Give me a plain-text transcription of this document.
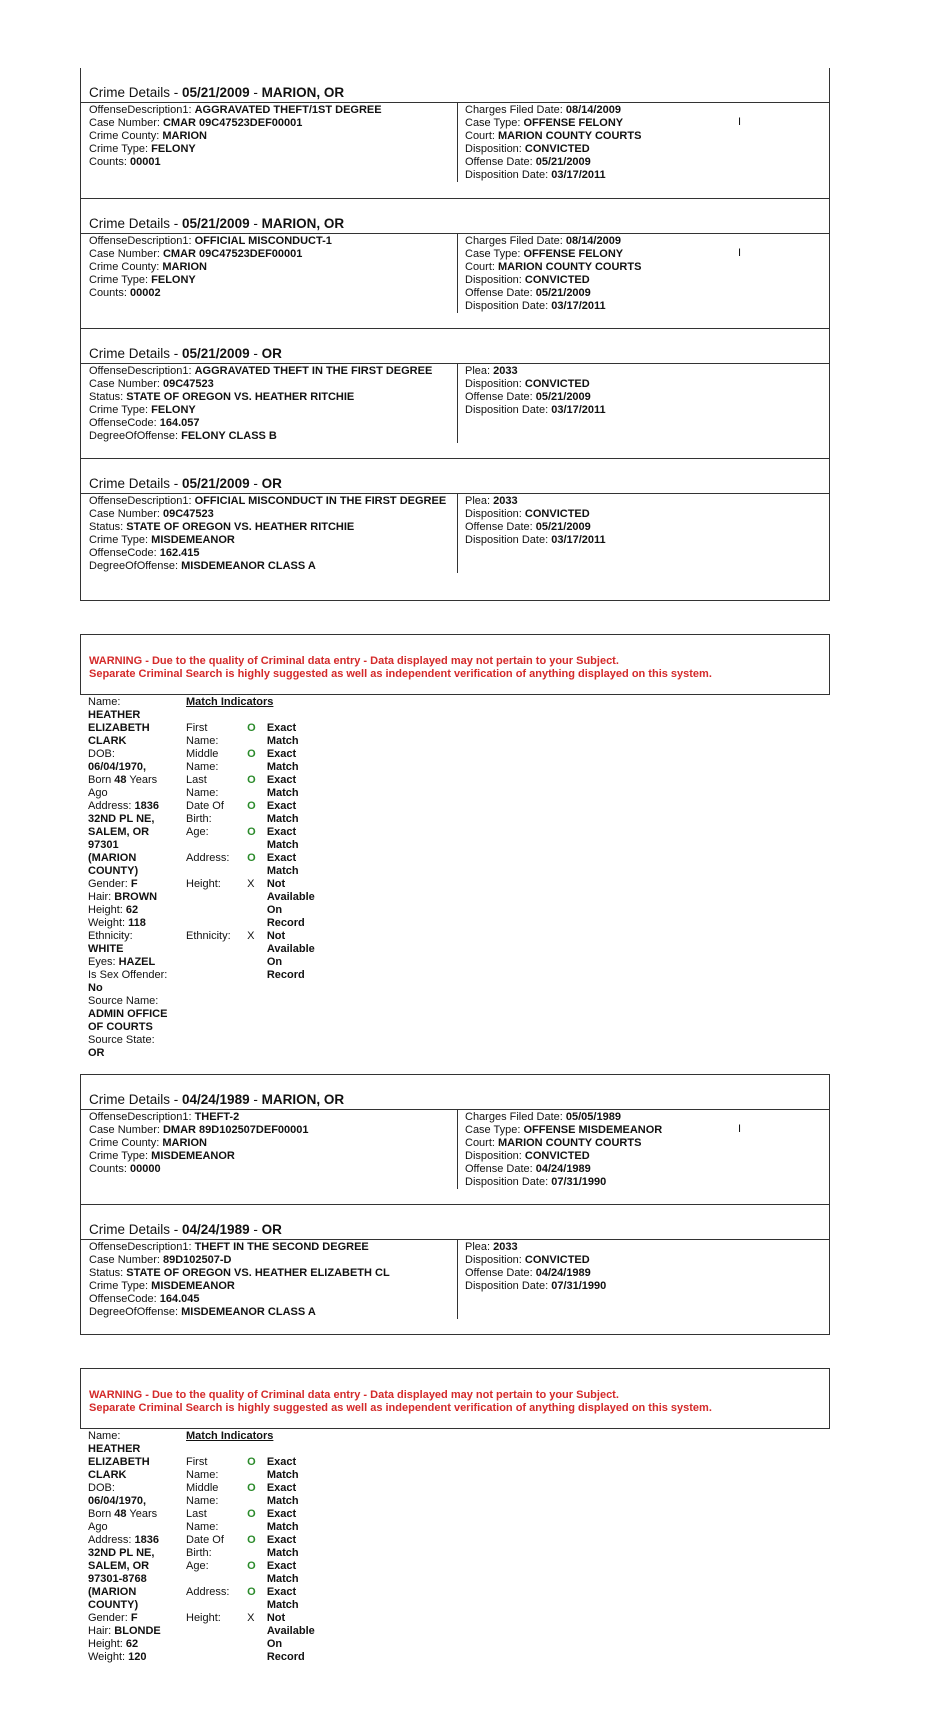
Crime Details - 05/21/2009 - MARION, OR
OffenseDescription1: AGGRAVATED THEFT/1ST DEGREE
Case Number: CMAR 09C47523DEF00001
Crime County: MARION
Crime Type: FELONY
Counts: 00001
Charges Filed Date: 08/14/2009
Case Type: OFFENSE FELONY
Court: MARION COUNTY COURTS
Disposition: CONVICTED
Offense Date: 05/21/2009
Disposition Date: 03/17/2011
I
Crime Details - 05/21/2009 - MARION, OR
OffenseDescription1: OFFICIAL MISCONDUCT-1
Case Number: CMAR 09C47523DEF00001
Crime County: MARION
Crime Type: FELONY
Counts: 00002
Charges Filed Date: 08/14/2009
Case Type: OFFENSE FELONY
Court: MARION COUNTY COURTS
Disposition: CONVICTED
Offense Date: 05/21/2009
Disposition Date: 03/17/2011
I
Crime Details - 05/21/2009 - OR
OffenseDescription1: AGGRAVATED THEFT IN THE FIRST DEGREE
Case Number: 09C47523
Status: STATE OF OREGON VS. HEATHER RITCHIE
Crime Type: FELONY
OffenseCode: 164.057
DegreeOfOffense: FELONY CLASS B
Plea: 2033
Disposition: CONVICTED
Offense Date: 05/21/2009
Disposition Date: 03/17/2011
Crime Details - 05/21/2009 - OR
OffenseDescription1: OFFICIAL MISCONDUCT IN THE FIRST DEGREE
Case Number: 09C47523
Status: STATE OF OREGON VS. HEATHER RITCHIE
Crime Type: MISDEMEANOR
OffenseCode: 162.415
DegreeOfOffense: MISDEMEANOR CLASS A
Plea: 2033
Disposition: CONVICTED
Offense Date: 05/21/2009
Disposition Date: 03/17/2011
WARNING - Due to the quality of Criminal data entry - Data displayed may not pertain to your Subject.
Separate Criminal Search is highly suggested as well as independent verification of anything displayed on this system.
Name:
HEATHER
ELIZABETH
CLARK
DOB:
06/04/1970,
Born 48 Years
Ago
Address: 1836
32ND PL NE,
SALEM, OR
97301
(MARION
COUNTY)
Gender: F
Hair: BROWN
Height: 62
Weight: 118
Ethnicity:
WHITE
Eyes: HAZEL
Is Sex Offender:
No
Source Name:
ADMIN OFFICE
OF COURTS
Source State:
OR
Match Indicators

First	O	Exact
Name:	Match
Middle	O	Exact
Name:	Match
Last	O	Exact
Name:	Match
Date Of	O	Exact
Birth:	Match
Age:	O	Exact
Match
Address:	O	Exact
Match
Height:	X	Not
Available
On
Record
Ethnicity:	X	Not
Available
On
Record
Crime Details - 04/24/1989 - MARION, OR
OffenseDescription1: THEFT-2
Case Number: DMAR 89D102507DEF00001
Crime County: MARION
Crime Type: MISDEMEANOR
Counts: 00000
Charges Filed Date: 05/05/1989
Case Type: OFFENSE MISDEMEANOR
Court: MARION COUNTY COURTS
Disposition: CONVICTED
Offense Date: 04/24/1989
Disposition Date: 07/31/1990
I
Crime Details - 04/24/1989 - OR
OffenseDescription1: THEFT IN THE SECOND DEGREE
Case Number: 89D102507-D
Status: STATE OF OREGON VS. HEATHER ELIZABETH CL
Crime Type: MISDEMEANOR
OffenseCode: 164.045
DegreeOfOffense: MISDEMEANOR CLASS A
Plea: 2033
Disposition: CONVICTED
Offense Date: 04/24/1989
Disposition Date: 07/31/1990
WARNING - Due to the quality of Criminal data entry - Data displayed may not pertain to your Subject.
Separate Criminal Search is highly suggested as well as independent verification of anything displayed on this system.
Name:
HEATHER
ELIZABETH
CLARK
DOB:
06/04/1970,
Born 48 Years
Ago
Address: 1836
32ND PL NE,
SALEM, OR
97301-8768
(MARION
COUNTY)
Gender: F
Hair: BLONDE
Height: 62
Weight: 120
Match Indicators

First	O	Exact
Name:	Match
Middle	O	Exact
Name:	Match
Last	O	Exact
Name:	Match
Date Of	O	Exact
Birth:	Match
Age:	O	Exact
Match
Address:	O	Exact
Match
Height:	X	Not
Available
On
Record
